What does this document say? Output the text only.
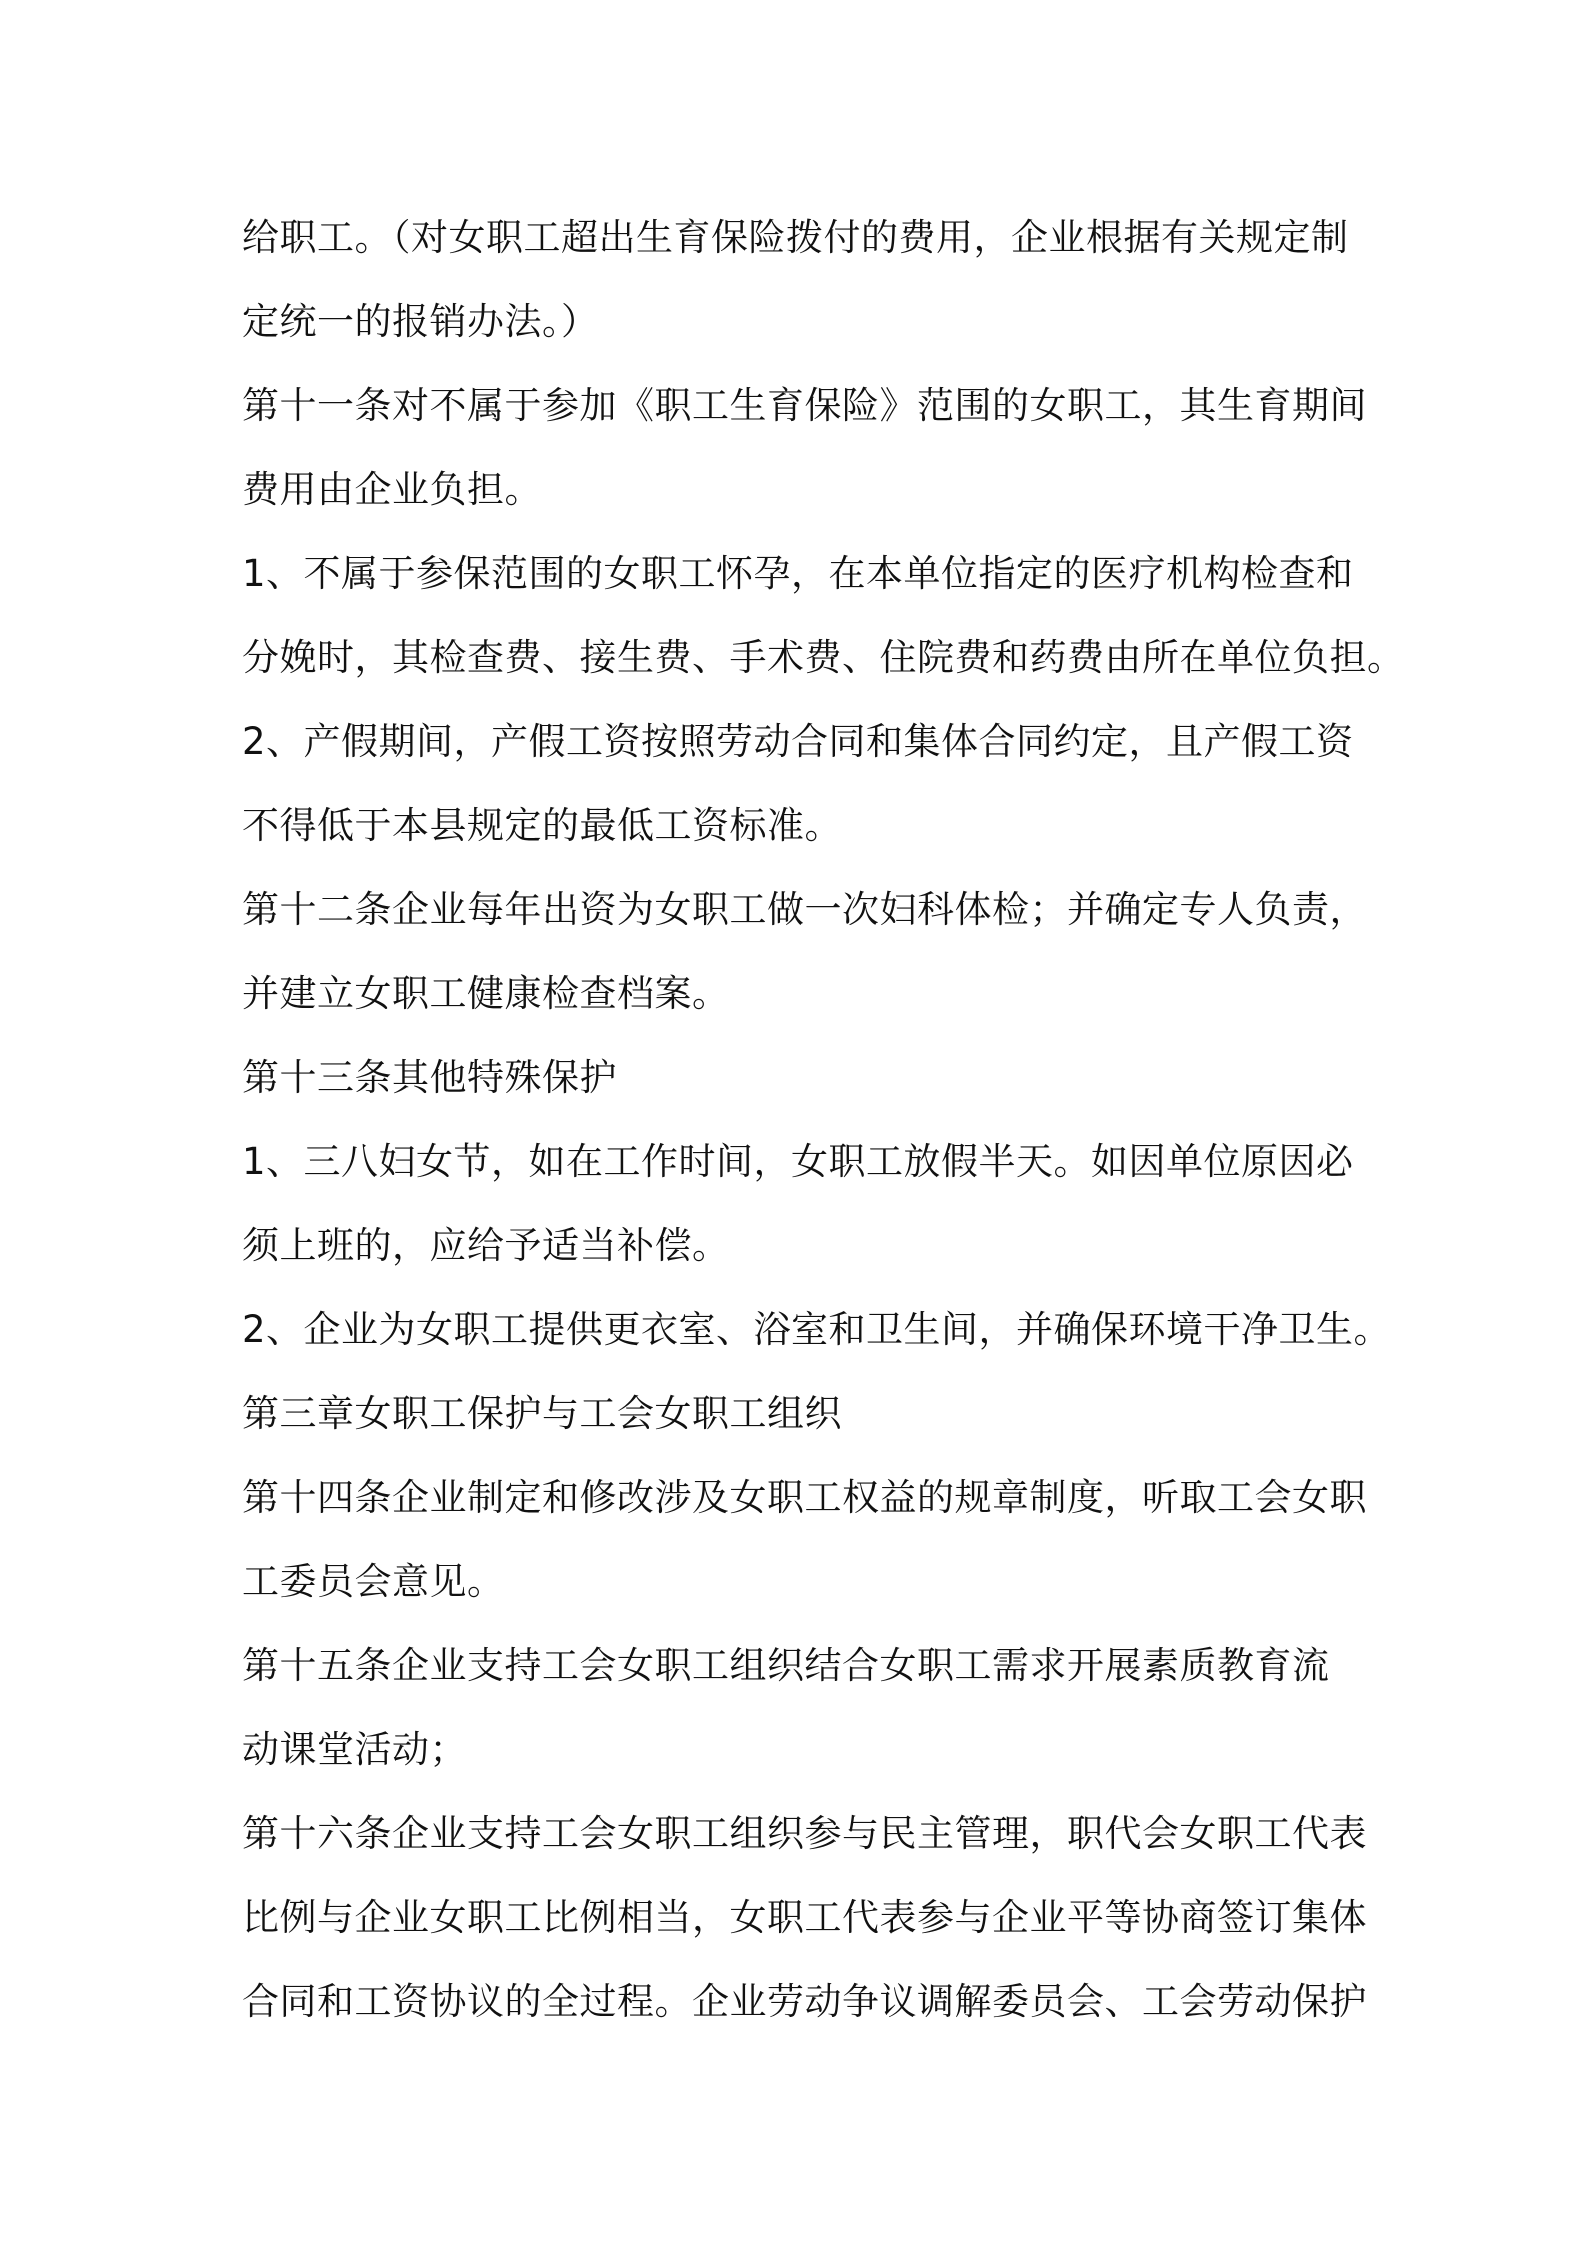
给职工。（对女职工超出生育保险拨付的费用，企业根据有关规定制
定统一的报销办法。）
第十一条对不属于参加《职工生育保险》范围的女职工，其生育期间
费用由企业负担。
1、不属于参保范围的女职工怀孕，在本单位指定的医疗机构检查和
分娩时，其检查费、接生费、手术费、住院费和药费由所在单位负担。
2、产假期间，产假工资按照劳动合同和集体合同约定，且产假工资
不得低于本县规定的最低工资标准。
第十二条企业每年出资为女职工做一次妇科体检；并确定专人负责，
并建立女职工健康检查档案。
第十三条其他特殊保护
1、三八妇女节，如在工作时间，女职工放假半天。如因单位原因必
须上班的，应给予适当补偿。
2、企业为女职工提供更衣室、浴室和卫生间，并确保环境干净卫生。
第三章女职工保护与工会女职工组织
第十四条企业制定和修改涉及女职工权益的规章制度，听取工会女职
工委员会意见。
第十五条企业支持工会女职工组织结合女职工需求开展素质教育流
动课堂活动；
第十六条企业支持工会女职工组织参与民主管理，职代会女职工代表
比例与企业女职工比例相当，女职工代表参与企业平等协商签订集体
合同和工资协议的全过程。企业劳动争议调解委员会、工会劳动保护
